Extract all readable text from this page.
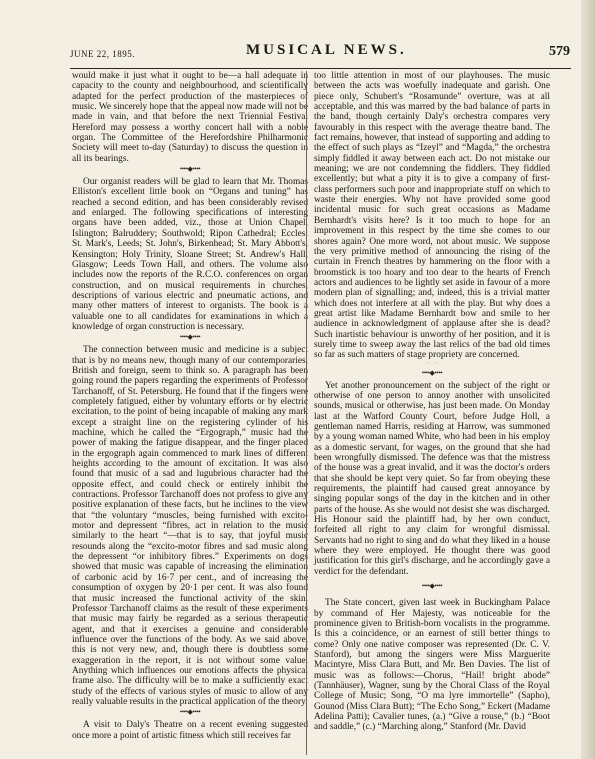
JUNE 22, 1895.	MUSICAL NEWS.	579

would make it just what it ought to be—a hall adequate in capacity to the county and neighbourhood, and scientifically adapted for the perfect production of the masterpieces of music. We sincerely hope that the appeal now made will not be made in vain, and that before the next Triennial Festival Hereford may possess a worthy concert hall with a noble organ. The Committee of the Herefordshire Philharmonic Society will meet to-day (Saturday) to discuss the question in all its bearings.

••••◆••••

Our organist readers will be glad to learn that Mr. Thomas Elliston's excellent little book on “Organs and tuning” has reached a second edition, and has been considerably revised and enlarged. The following specifications of interesting organs have been added, viz., those at Union Chapel, Islington; Balruddery; Southwold; Ripon Cathedral; Eccles; St. Mark's, Leeds; St. John's, Birkenhead; St. Mary Abbott's, Kensington; Holy Trinity, Sloane Street; St. Andrew's Hall, Glasgow; Leeds Town Hall, and others. The volume also includes now the reports of the R.C.O. conferences on organ construction, and on musical requirements in churches, descriptions of various electric and pneumatic actions, and many other matters of interest to organists. The book is a valuable one to all candidates for examinations in which a knowledge of organ construction is necessary.

••••◆••••

The connection between music and medicine is a subject that is by no means new, though many of our contemporaries, British and foreign, seem to think so. A paragraph has been going round the papers regarding the experiments of Professor Tarchanoff, of St. Petersburg. He found that if the fingers were completely fatigued, either by voluntary efforts or by electric excitation, to the point of being incapable of making any mark except a straight line on the registering cylinder of his machine, which he called the “Ergograph,” music had the power of making the fatigue disappear, and the finger placed in the ergograph again commenced to mark lines of different heights according to the amount of excitation. It was also found that music of a sad and lugubrious character had the opposite effect, and could check or entirely inhibit the contractions. Professor Tarchanoff does not profess to give any positive explanation of these facts, but he inclines to the view that “the voluntary “muscles, being furnished with excito-motor and depressent “fibres, act in relation to the music similarly to the heart “—that is to say, that joyful music resounds along the “excito-motor fibres and sad music along the depressent “or inhibitory fibres.” Experiments on dogs showed that music was capable of increasing the elimination of carbonic acid by 16·7 per cent., and of increasing the consumption of oxygen by 20·1 per cent. It was also found that music increased the functional activity of the skin. Professor Tarchanoff claims as the result of these experiments that music may fairly be regarded as a serious therapeutic agent, and that it exercises a genuine and considerable influence over the functions of the body. As we said above, this is not very new, and, though there is doubtless some exaggeration in the report, it is not without some value. Anything which influences our emotions affects the physical frame also. The difficulty will be to make a sufficiently exact study of the effects of various styles of music to allow of any really valuable results in the practical application of the theory.

••••◆••••

A visit to Daly's Theatre on a recent evening suggested once more a point of artistic fitness which still receives far

too little attention in most of our playhouses. The music between the acts was woefully inadequate and garish. One piece only, Schubert's “Rosamunde” overture, was at all acceptable, and this was marred by the bad balance of parts in the band, though certainly Daly's orchestra compares very favourably in this respect with the average theatre band. The fact remains, however, that instead of supporting and adding to the effect of such plays as “Izeyl” and “Magda,” the orchestra simply fiddled it away between each act. Do not mistake our meaning; we are not condemning the fiddlers. They fiddled excellently; but what a pity it is to give a company of first-class performers such poor and inappropriate stuff on which to waste their energies. Why not have provided some good incidental music for such great occasions as Madame Bernhardt's visits here? Is it too much to hope for an improvement in this respect by the time she comes to our shores again? One more word, not about music. We suppose the very primitive method of announcing the rising of the curtain in French theatres by hammering on the floor with a broomstick is too hoary and too dear to the hearts of French actors and audiences to be lightly set aside in favour of a more modern plan of signalling; and, indeed, this is a trivial matter which does not interfere at all with the play. But why does a great artist like Madame Bernhardt bow and smile to her audience in acknowledgment of applause after she is dead? Such inartistic behaviour is unworthy of her position, and it is surely time to sweep away the last relics of the bad old times so far as such matters of stage propriety are concerned.

~···~
••••◆••••

Yet another pronouncement on the subject of the right or otherwise of one person to annoy another with unsolicited sounds, musical or otherwise, has just been made. On Monday last at the Watford County Court, before Judge Holl, a gentleman named Harris, residing at Harrow, was summoned by a young woman named White, who had been in his employ as a domestic servant, for wages, on the ground that she had been wrongfully dismissed. The defence was that the mistress of the house was a great invalid, and it was the doctor's orders that she should be kept very quiet. So far from obeying these requirements, the plaintiff had caused great annoyance by singing popular songs of the day in the kitchen and in other parts of the house. As she would not desist she was discharged. His Honour said the plaintiff had, by her own conduct, forfeited all right to any claim for wrongful dismissal. Servants had no right to sing and do what they liked in a house where they were employed. He thought there was good justification for this girl's discharge, and he accordingly gave a verdict for the defendant.

••••◆••••

The State concert, given last week in Buckingham Palace by command of Her Majesty, was noticeable for the prominence given to British-born vocalists in the programme. Is this a coincidence, or an earnest of still better things to come? Only one native composer was represented (Dr. C. V. Stanford), but among the singers were Miss Marguerite Macintyre, Miss Clara Butt, and Mr. Ben Davies. The list of music was as follows:—Chorus, “Hail! bright abode” (Tannhäuser), Wagner, sung by the Choral Class of the Royal College of Music; Song, “O ma lyre immortelle” (Sapho), Gounod (Miss Clara Butt); “The Echo Song,” Eckert (Madame Adelina Patti); Cavalier tunes, (a.) “Give a rouse,” (b.) “Boot and saddle,” (c.) “Marching along,” Stanford (Mr. David
